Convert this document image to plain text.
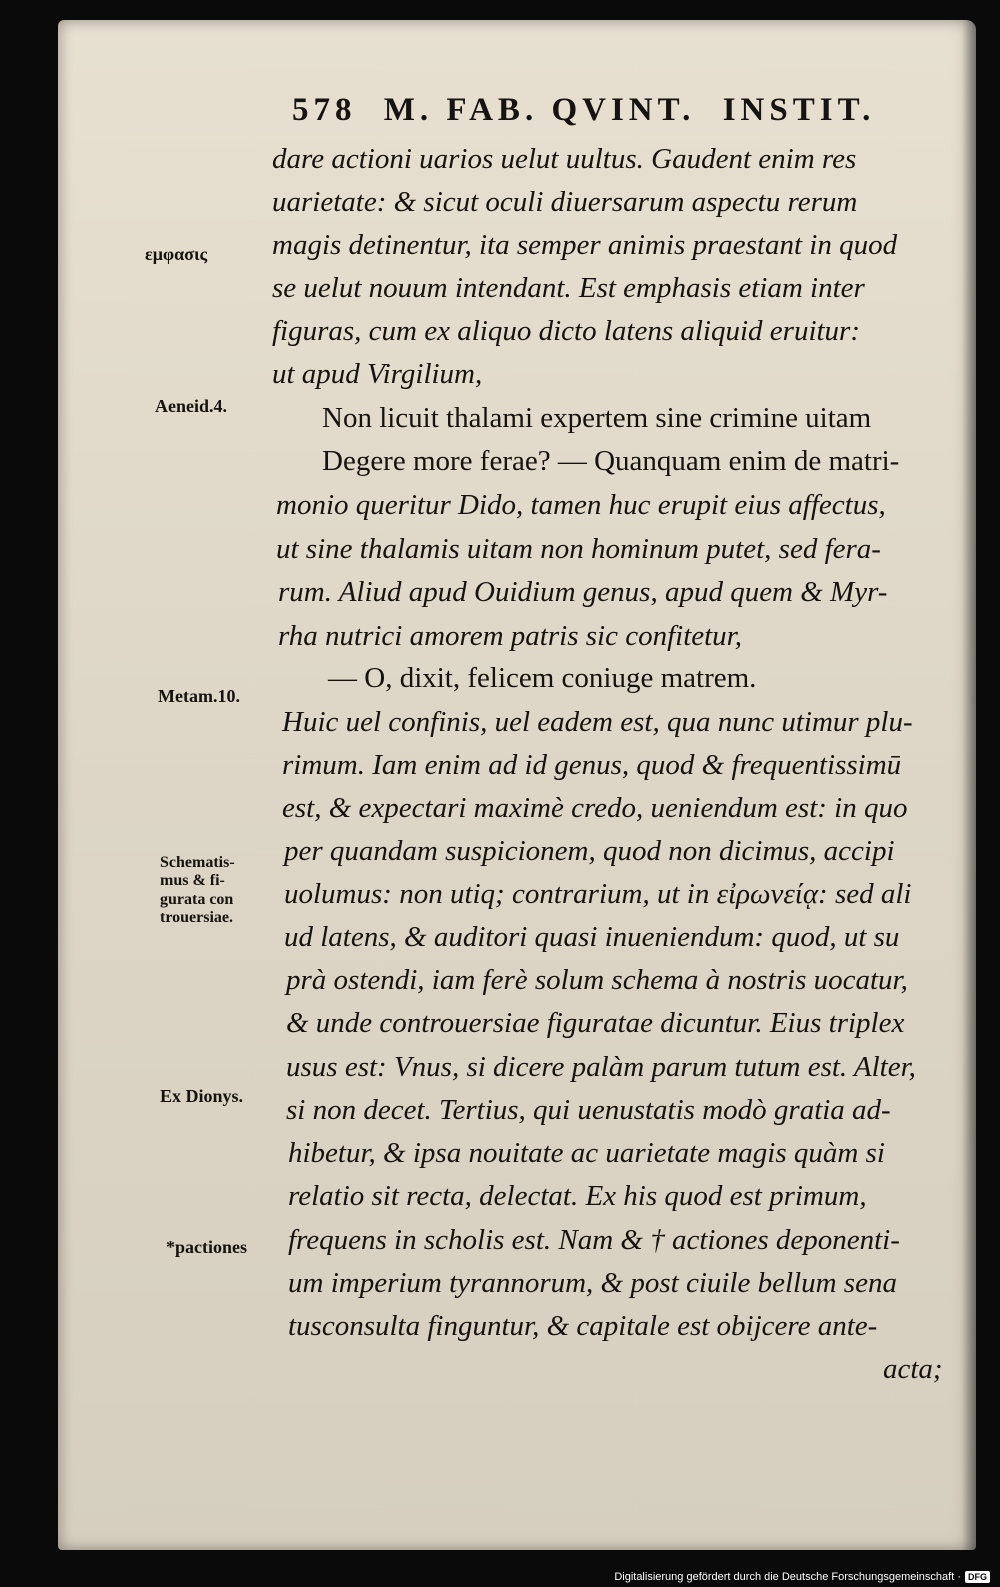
578 M. FAB. QVINT. INSTIT.
εμφασις
Aeneid.4.
Metam.10.
Schematis-
mus & fi-
gurata con
trouersiae.
Ex Dionys.
*pactiones
dare actioni uarios uelut uultus. Gaudent enim res
uarietate: & sicut oculi diuersarum aspectu rerum
magis detinentur, ita semper animis praestant in quod
se uelut nouum intendant. Est emphasis etiam inter
figuras, cum ex aliquo dicto latens aliquid eruitur:
ut apud Virgilium,
Non licuit thalami expertem sine crimine uitam
Degere more ferae? — Quanquam enim de matri-
monio queritur Dido, tamen huc erupit eius affectus,
ut sine thalamis uitam non hominum putet, sed fera-
rum. Aliud apud Ouidium genus, apud quem & Myr-
rha nutrici amorem patris sic confitetur,
— O, dixit, felicem coniuge matrem.
Huic uel confinis, uel eadem est, qua nunc utimur plu-
rimum. Iam enim ad id genus, quod & frequentissimū
est, & expectari maximè credo, ueniendum est: in quo
per quandam suspicionem, quod non dicimus, accipi
uolumus: non utiq; contrarium, ut in εἰρωνείᾳ: sed ali
ud latens, & auditori quasi inueniendum: quod, ut su
prà ostendi, iam ferè solum schema à nostris uocatur,
& unde controuersiae figuratae dicuntur. Eius triplex
usus est: Vnus, si dicere palàm parum tutum est. Alter,
si non decet. Tertius, qui uenustatis modò gratia ad-
hibetur, & ipsa nouitate ac uarietate magis quàm si
relatio sit recta, delectat. Ex his quod est primum,
frequens in scholis est. Nam & † actiones deponenti-
um imperium tyrannorum, & post ciuile bellum sena
tusconsulta finguntur, & capitale est obijcere ante-
acta;
Digitalisierung gefördert durch die Deutsche Forschungsgemeinschaft · DFG
